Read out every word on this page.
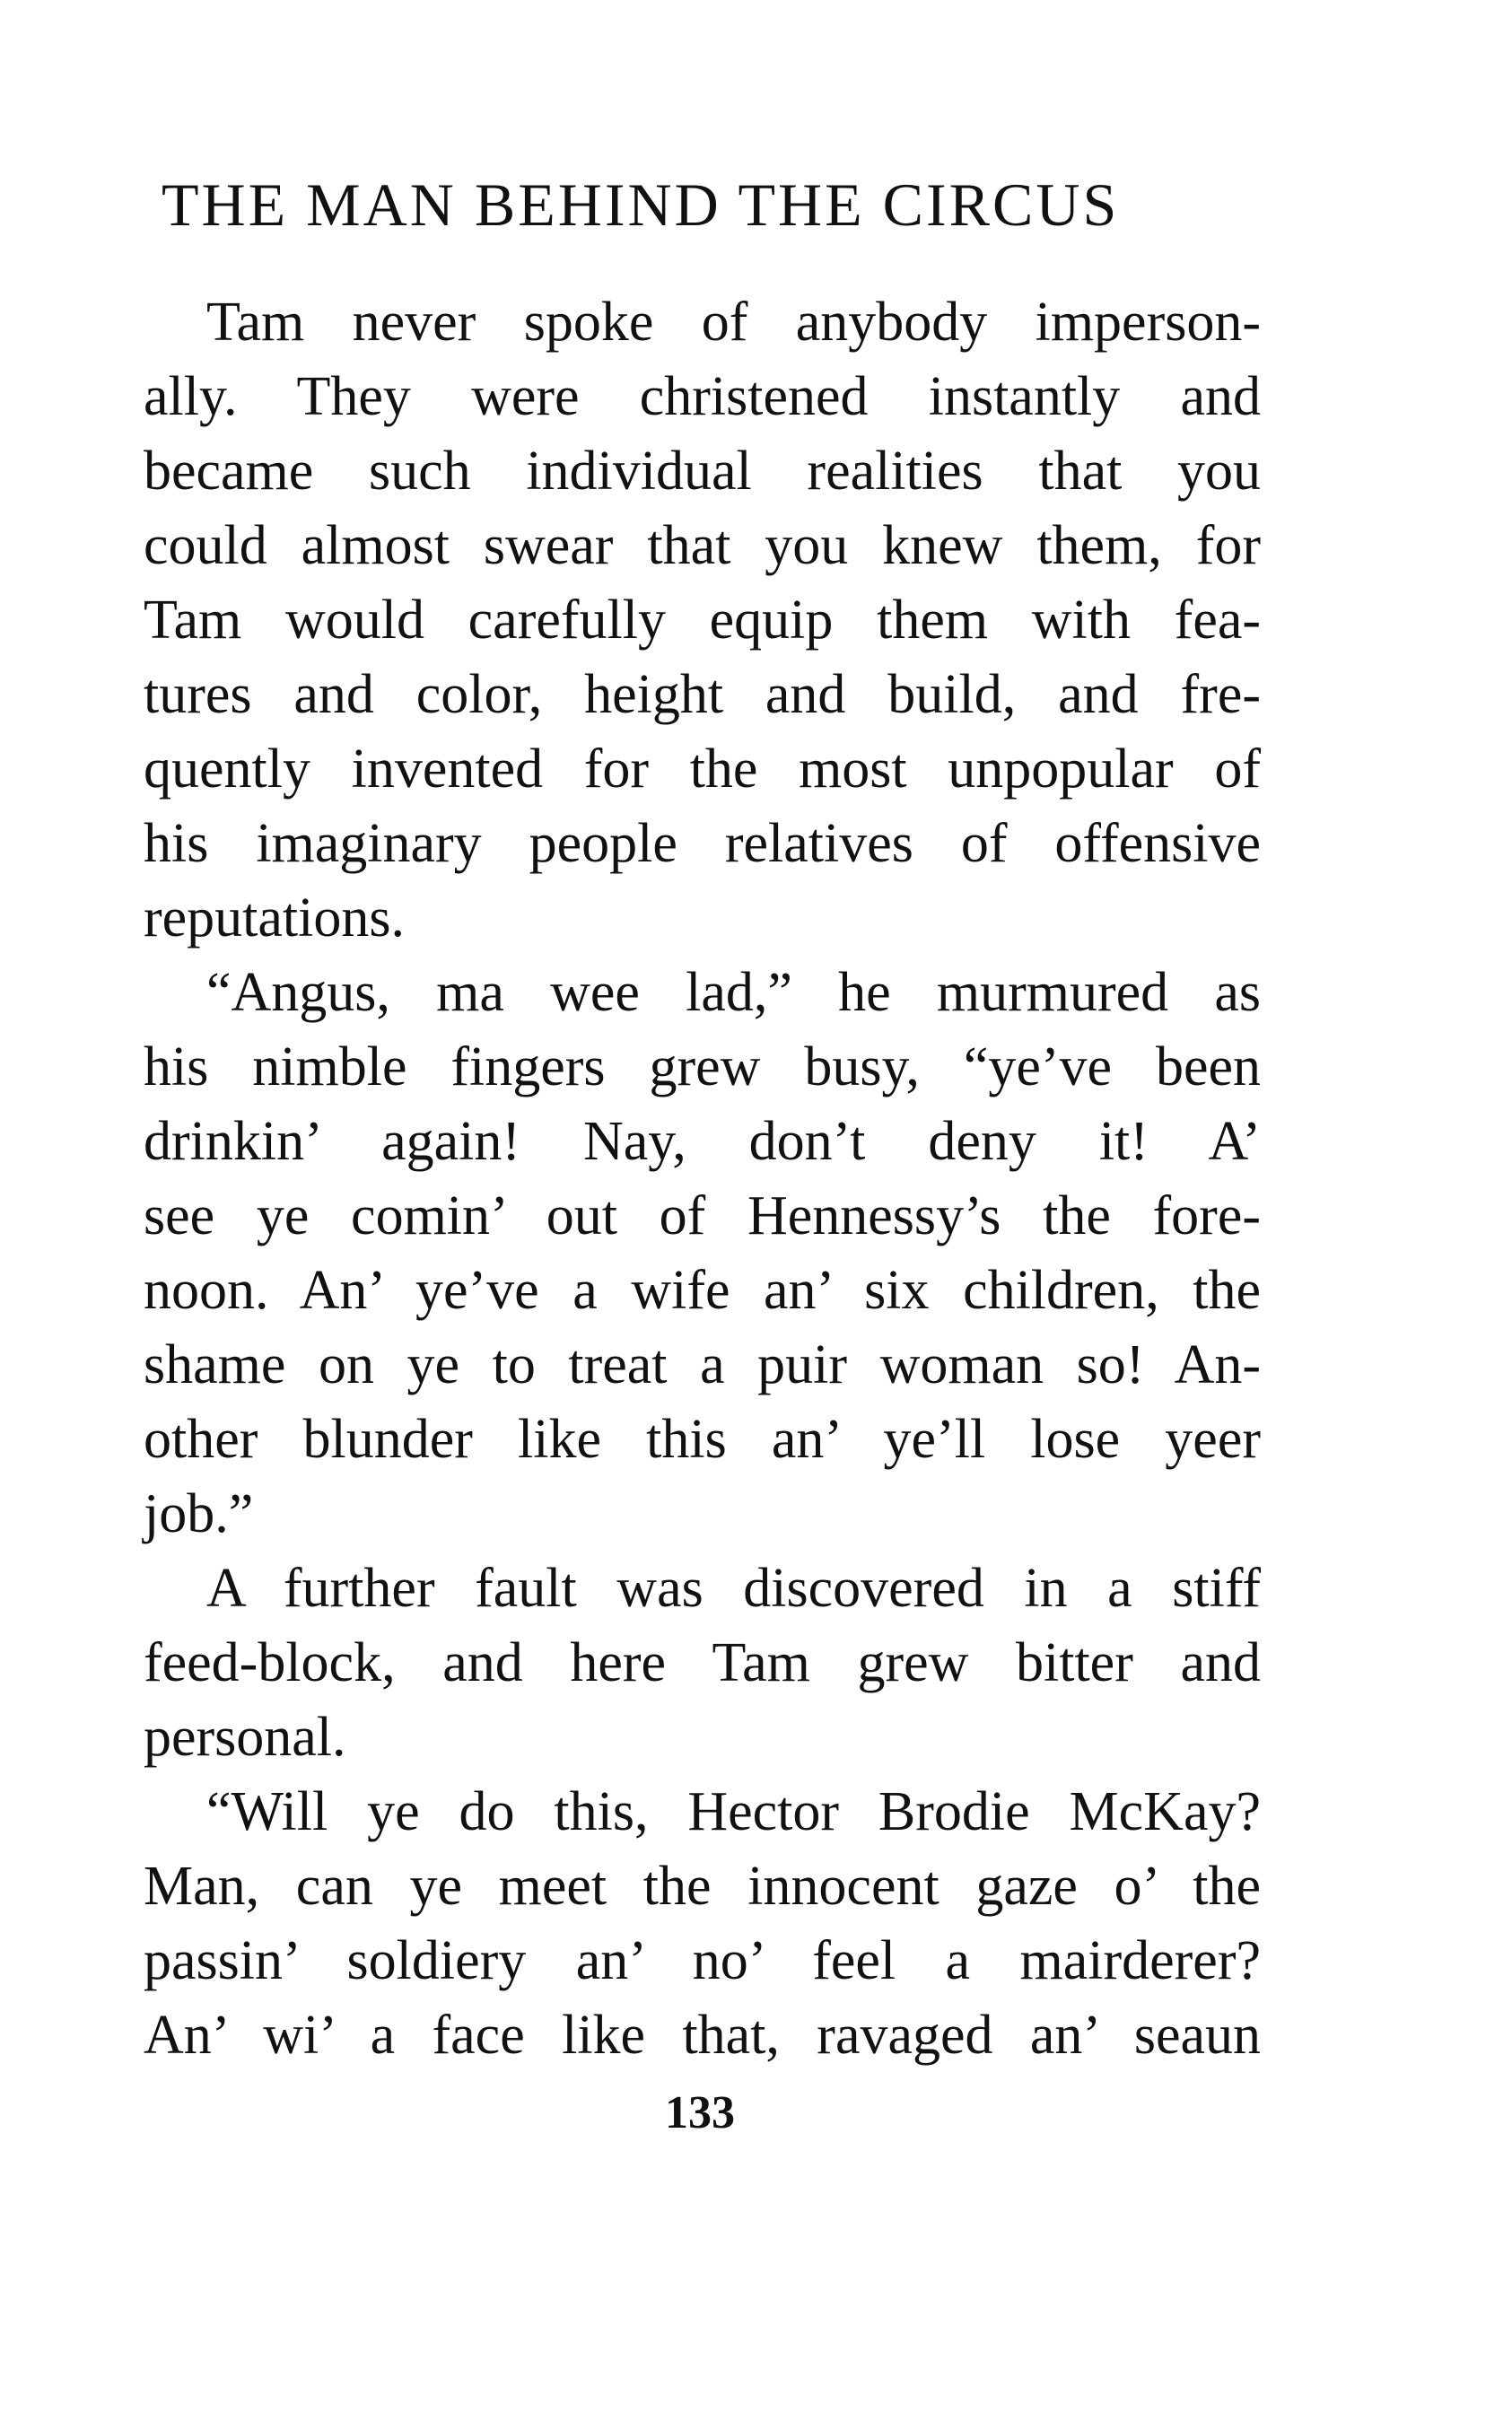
THE MAN BEHIND THE CIRCUS
Tam never spoke of anybody imperson-
ally. They were christened instantly and
became such individual realities that you
could almost swear that you knew them, for
Tam would carefully equip them with fea-
tures and color, height and build, and fre-
quently invented for the most unpopular of
his imaginary people relatives of offensive
reputations.
“Angus, ma wee lad,” he murmured as
his nimble fingers grew busy, “ye’ve been
drinkin’ again! Nay, don’t deny it! A’
see ye comin’ out of Hennessy’s the fore-
noon. An’ ye’ve a wife an’ six children, the
shame on ye to treat a puir woman so! An-
other blunder like this an’ ye’ll lose yeer
job.”
A further fault was discovered in a stiff
feed-block, and here Tam grew bitter and
personal.
“Will ye do this, Hector Brodie McKay?
Man, can ye meet the innocent gaze o’ the
passin’ soldiery an’ no’ feel a mairderer?
An’ wi’ a face like that, ravaged an’ seaun
133
